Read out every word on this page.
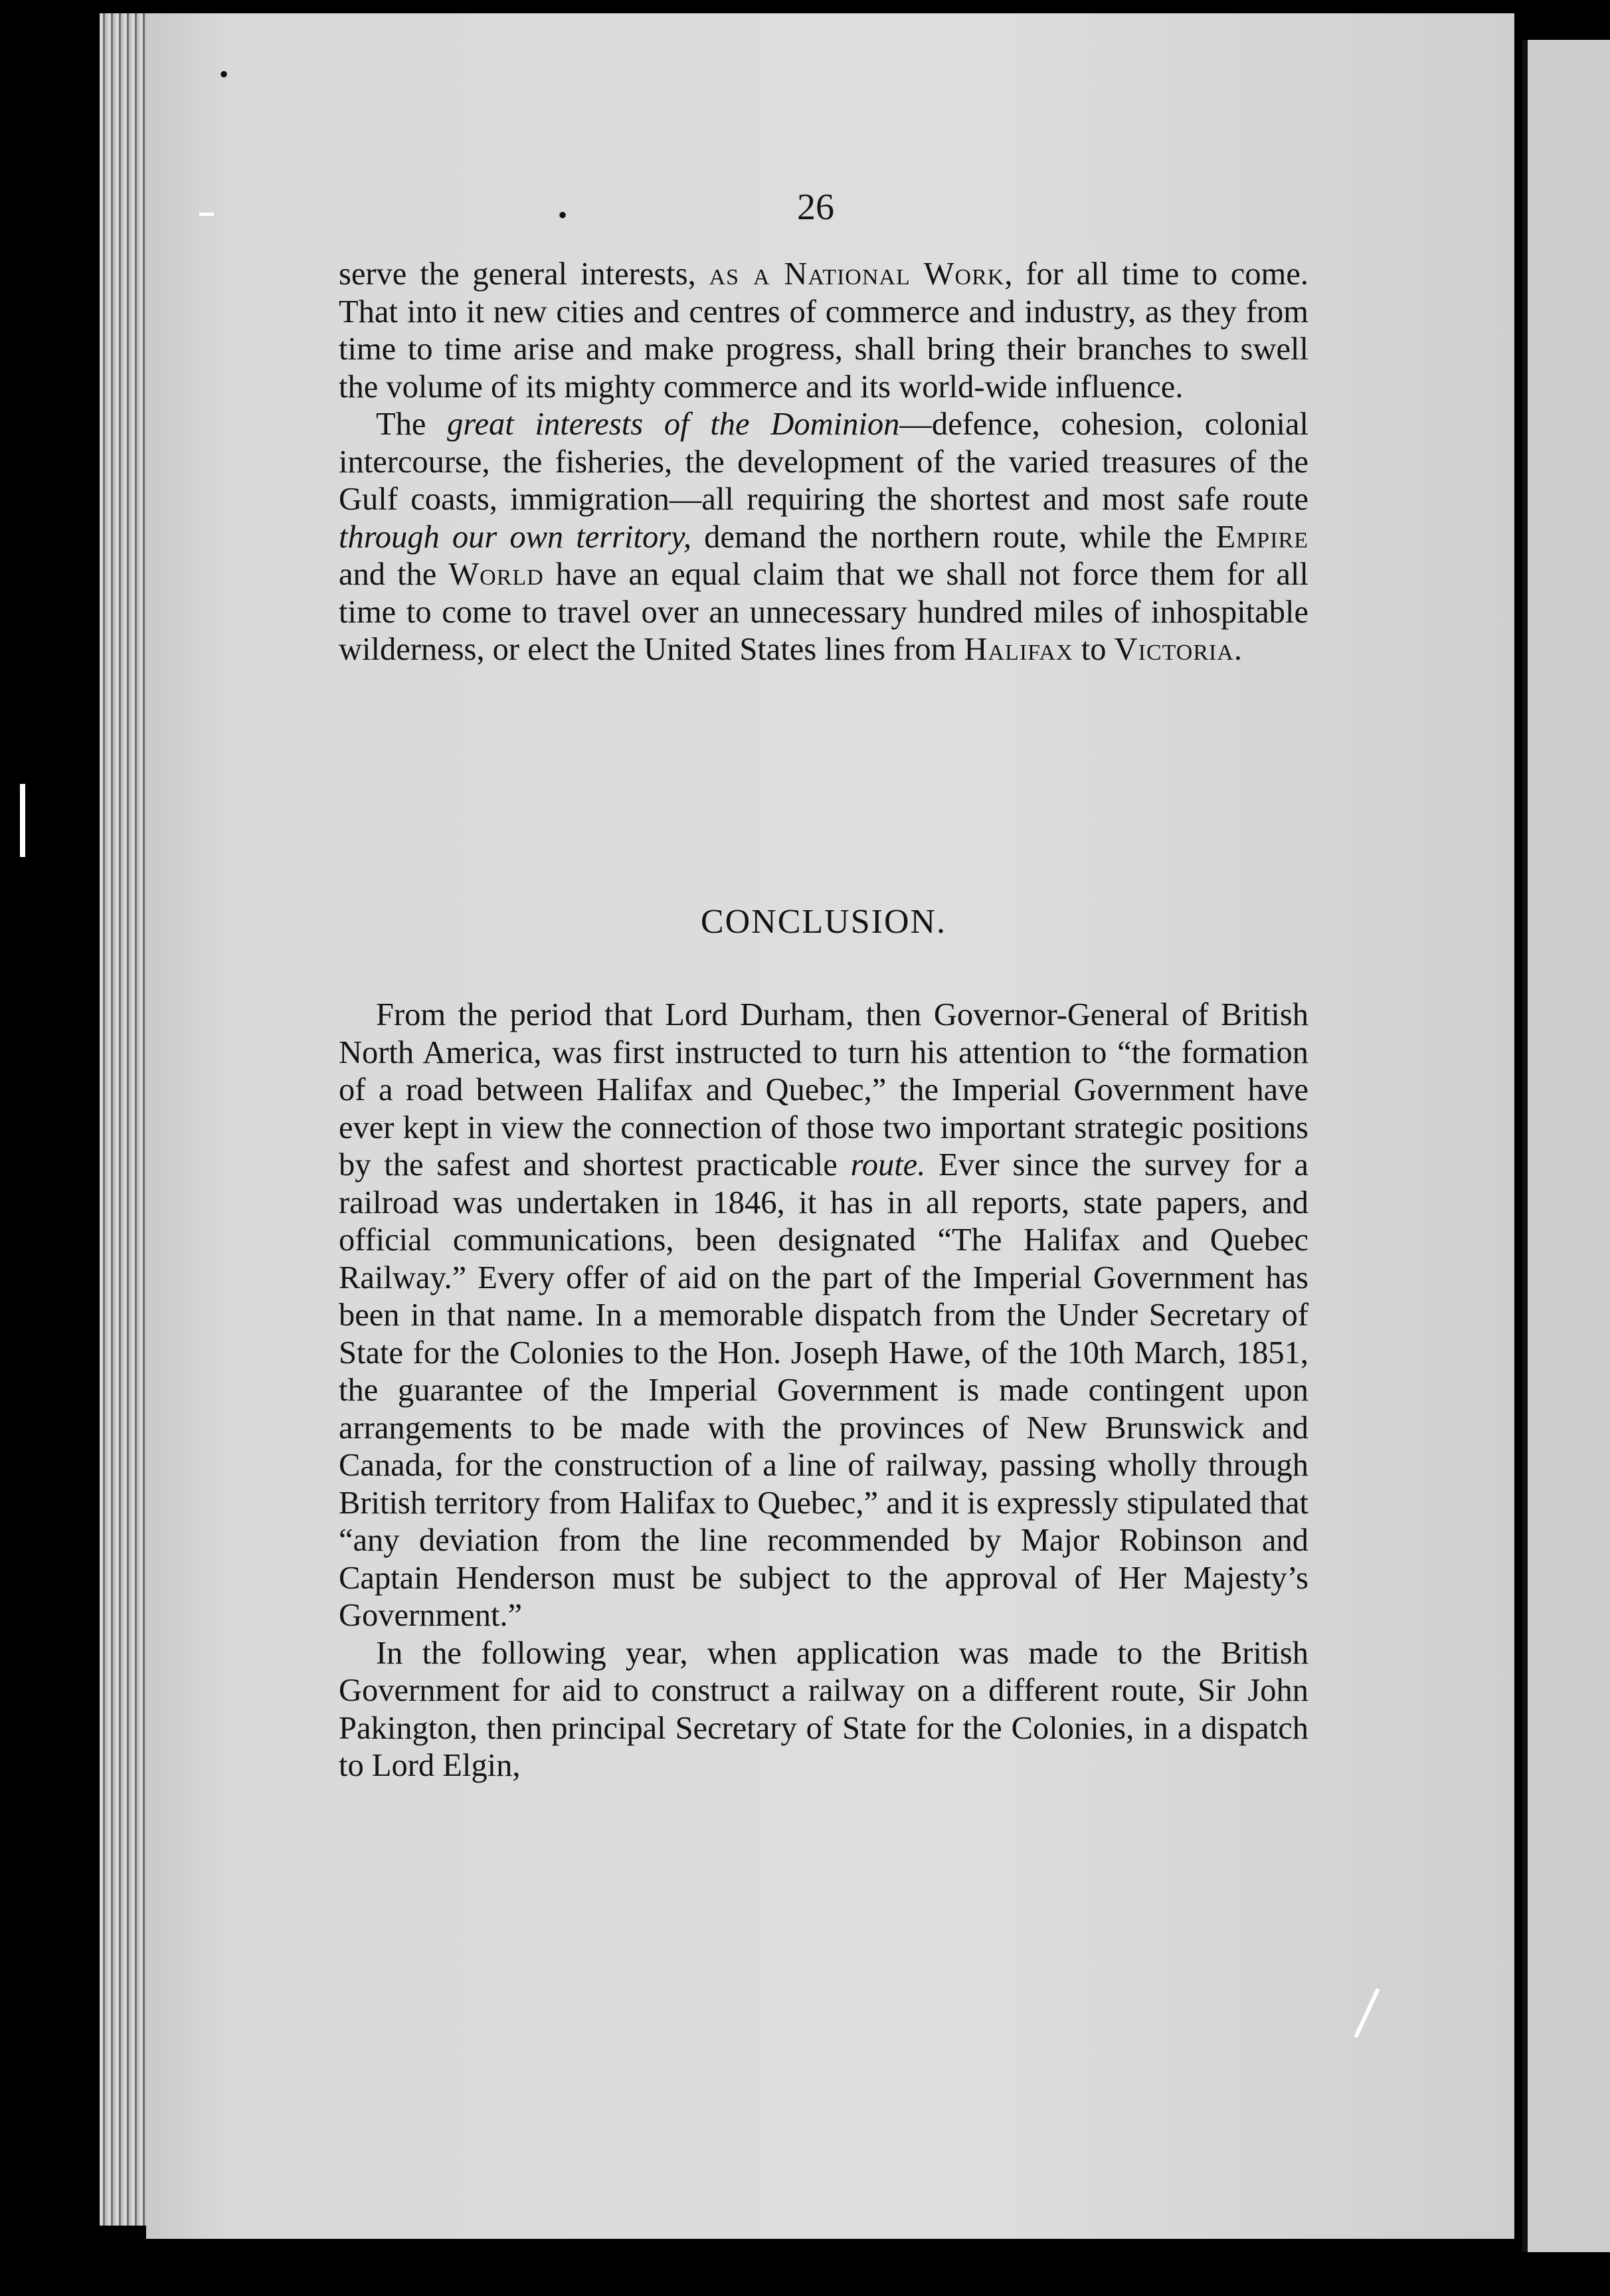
•
•	26

serve the general interests, as a National Work, for all time to come. That into it new cities and centres of commerce and industry, as they from time to time arise and make progress, shall bring their branches to swell the volume of its mighty commerce and its world-wide influence.

The great interests of the Dominion—defence, cohesion, colonial intercourse, the fisheries, the development of the varied treasures of the Gulf coasts, immigration—all requiring the shortest and most safe route through our own territory, demand the northern route, while the Empire and the World have an equal claim that we shall not force them for all time to come to travel over an unnecessary hundred miles of inhospitable wilderness, or elect the United States lines from Halifax to Victoria.

CONCLUSION.

From the period that Lord Durham, then Governor-General of British North America, was first instructed to turn his attention to “the formation of a road between Halifax and Quebec,” the Imperial Government have ever kept in view the connection of those two important strategic positions by the safest and shortest practicable route. Ever since the survey for a railroad was undertaken in 1846, it has in all reports, state papers, and official communications, been designated “The Halifax and Quebec Railway.” Every offer of aid on the part of the Imperial Government has been in that name. In a memorable dispatch from the Under Secretary of State for the Colonies to the Hon. Joseph Hawe, of the 10th March, 1851, the guarantee of the Imperial Government is made contingent upon arrangements to be made with the provinces of New Brunswick and Canada, for the construction of a line of railway, passing wholly through British territory from Halifax to Quebec,” and it is expressly stipulated that “any deviation from the line recommended by Major Robinson and Captain Henderson must be subject to the approval of Her Majesty’s Government.”

In the following year, when application was made to the British Government for aid to construct a railway on a different route, Sir John Pakington, then principal Secretary of State for the Colonies, in a dispatch to Lord Elgin,
